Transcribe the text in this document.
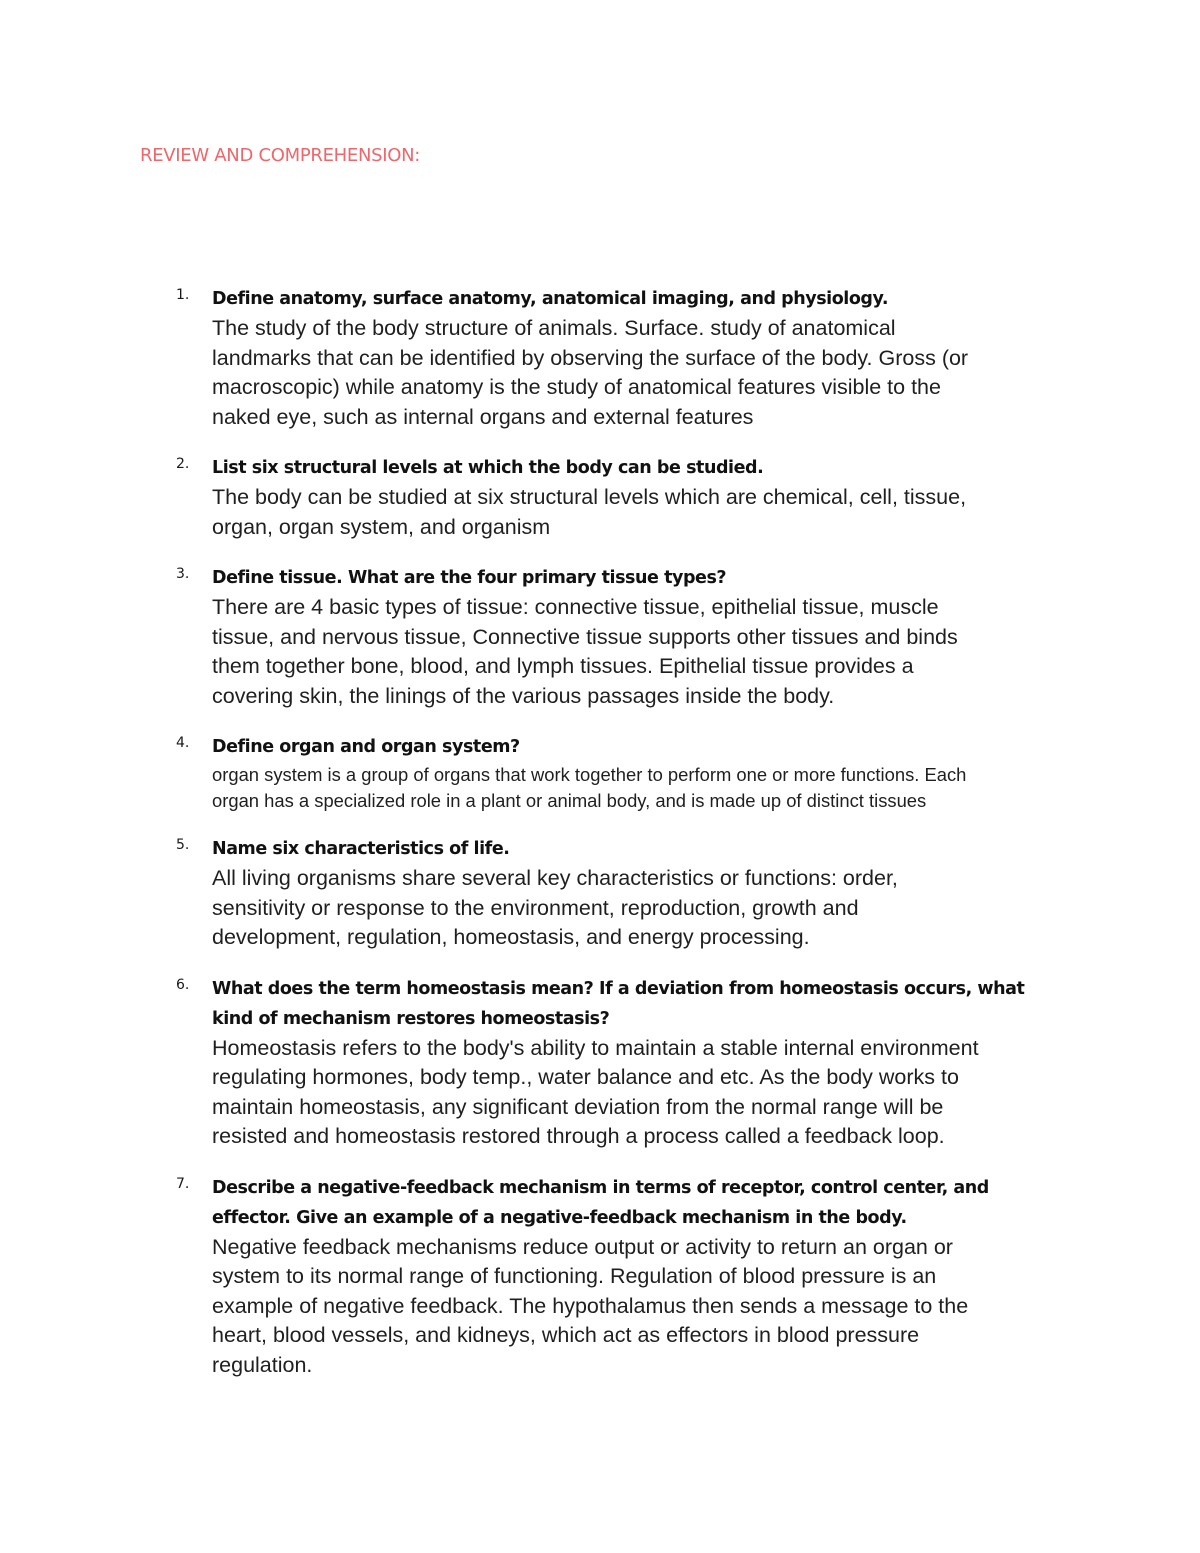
REVIEW AND COMPREHENSION:
1. Define anatomy, surface anatomy, anatomical imaging, and physiology.
The study of the body structure of animals. Surface. study of anatomical
landmarks that can be identified by observing the surface of the body. Gross (or
macroscopic) while anatomy is the study of anatomical features visible to the
naked eye, such as internal organs and external features
2. List six structural levels at which the body can be studied.
The body can be studied at six structural levels which are chemical, cell, tissue,
organ, organ system, and organism
3. Define tissue. What are the four primary tissue types?
There are 4 basic types of tissue: connective tissue, epithelial tissue, muscle
tissue, and nervous tissue, Connective tissue supports other tissues and binds
them together bone, blood, and lymph tissues. Epithelial tissue provides a
covering skin, the linings of the various passages inside the body.
4. Define organ and organ system?
organ system is a group of organs that work together to perform one or more functions. Each
organ has a specialized role in a plant or animal body, and is made up of distinct tissues
5. Name six characteristics of life.
All living organisms share several key characteristics or functions: order,
sensitivity or response to the environment, reproduction, growth and
development, regulation, homeostasis, and energy processing.
6. What does the term homeostasis mean? If a deviation from homeostasis occurs, what
kind of mechanism restores homeostasis?
Homeostasis refers to the body's ability to maintain a stable internal environment
regulating hormones, body temp., water balance and etc. As the body works to
maintain homeostasis, any significant deviation from the normal range will be
resisted and homeostasis restored through a process called a feedback loop.
7. Describe a negative-feedback mechanism in terms of receptor, control center, and
effector. Give an example of a negative-feedback mechanism in the body.
Negative feedback mechanisms reduce output or activity to return an organ or
system to its normal range of functioning. Regulation of blood pressure is an
example of negative feedback. The hypothalamus then sends a message to the
heart, blood vessels, and kidneys, which act as effectors in blood pressure
regulation.
